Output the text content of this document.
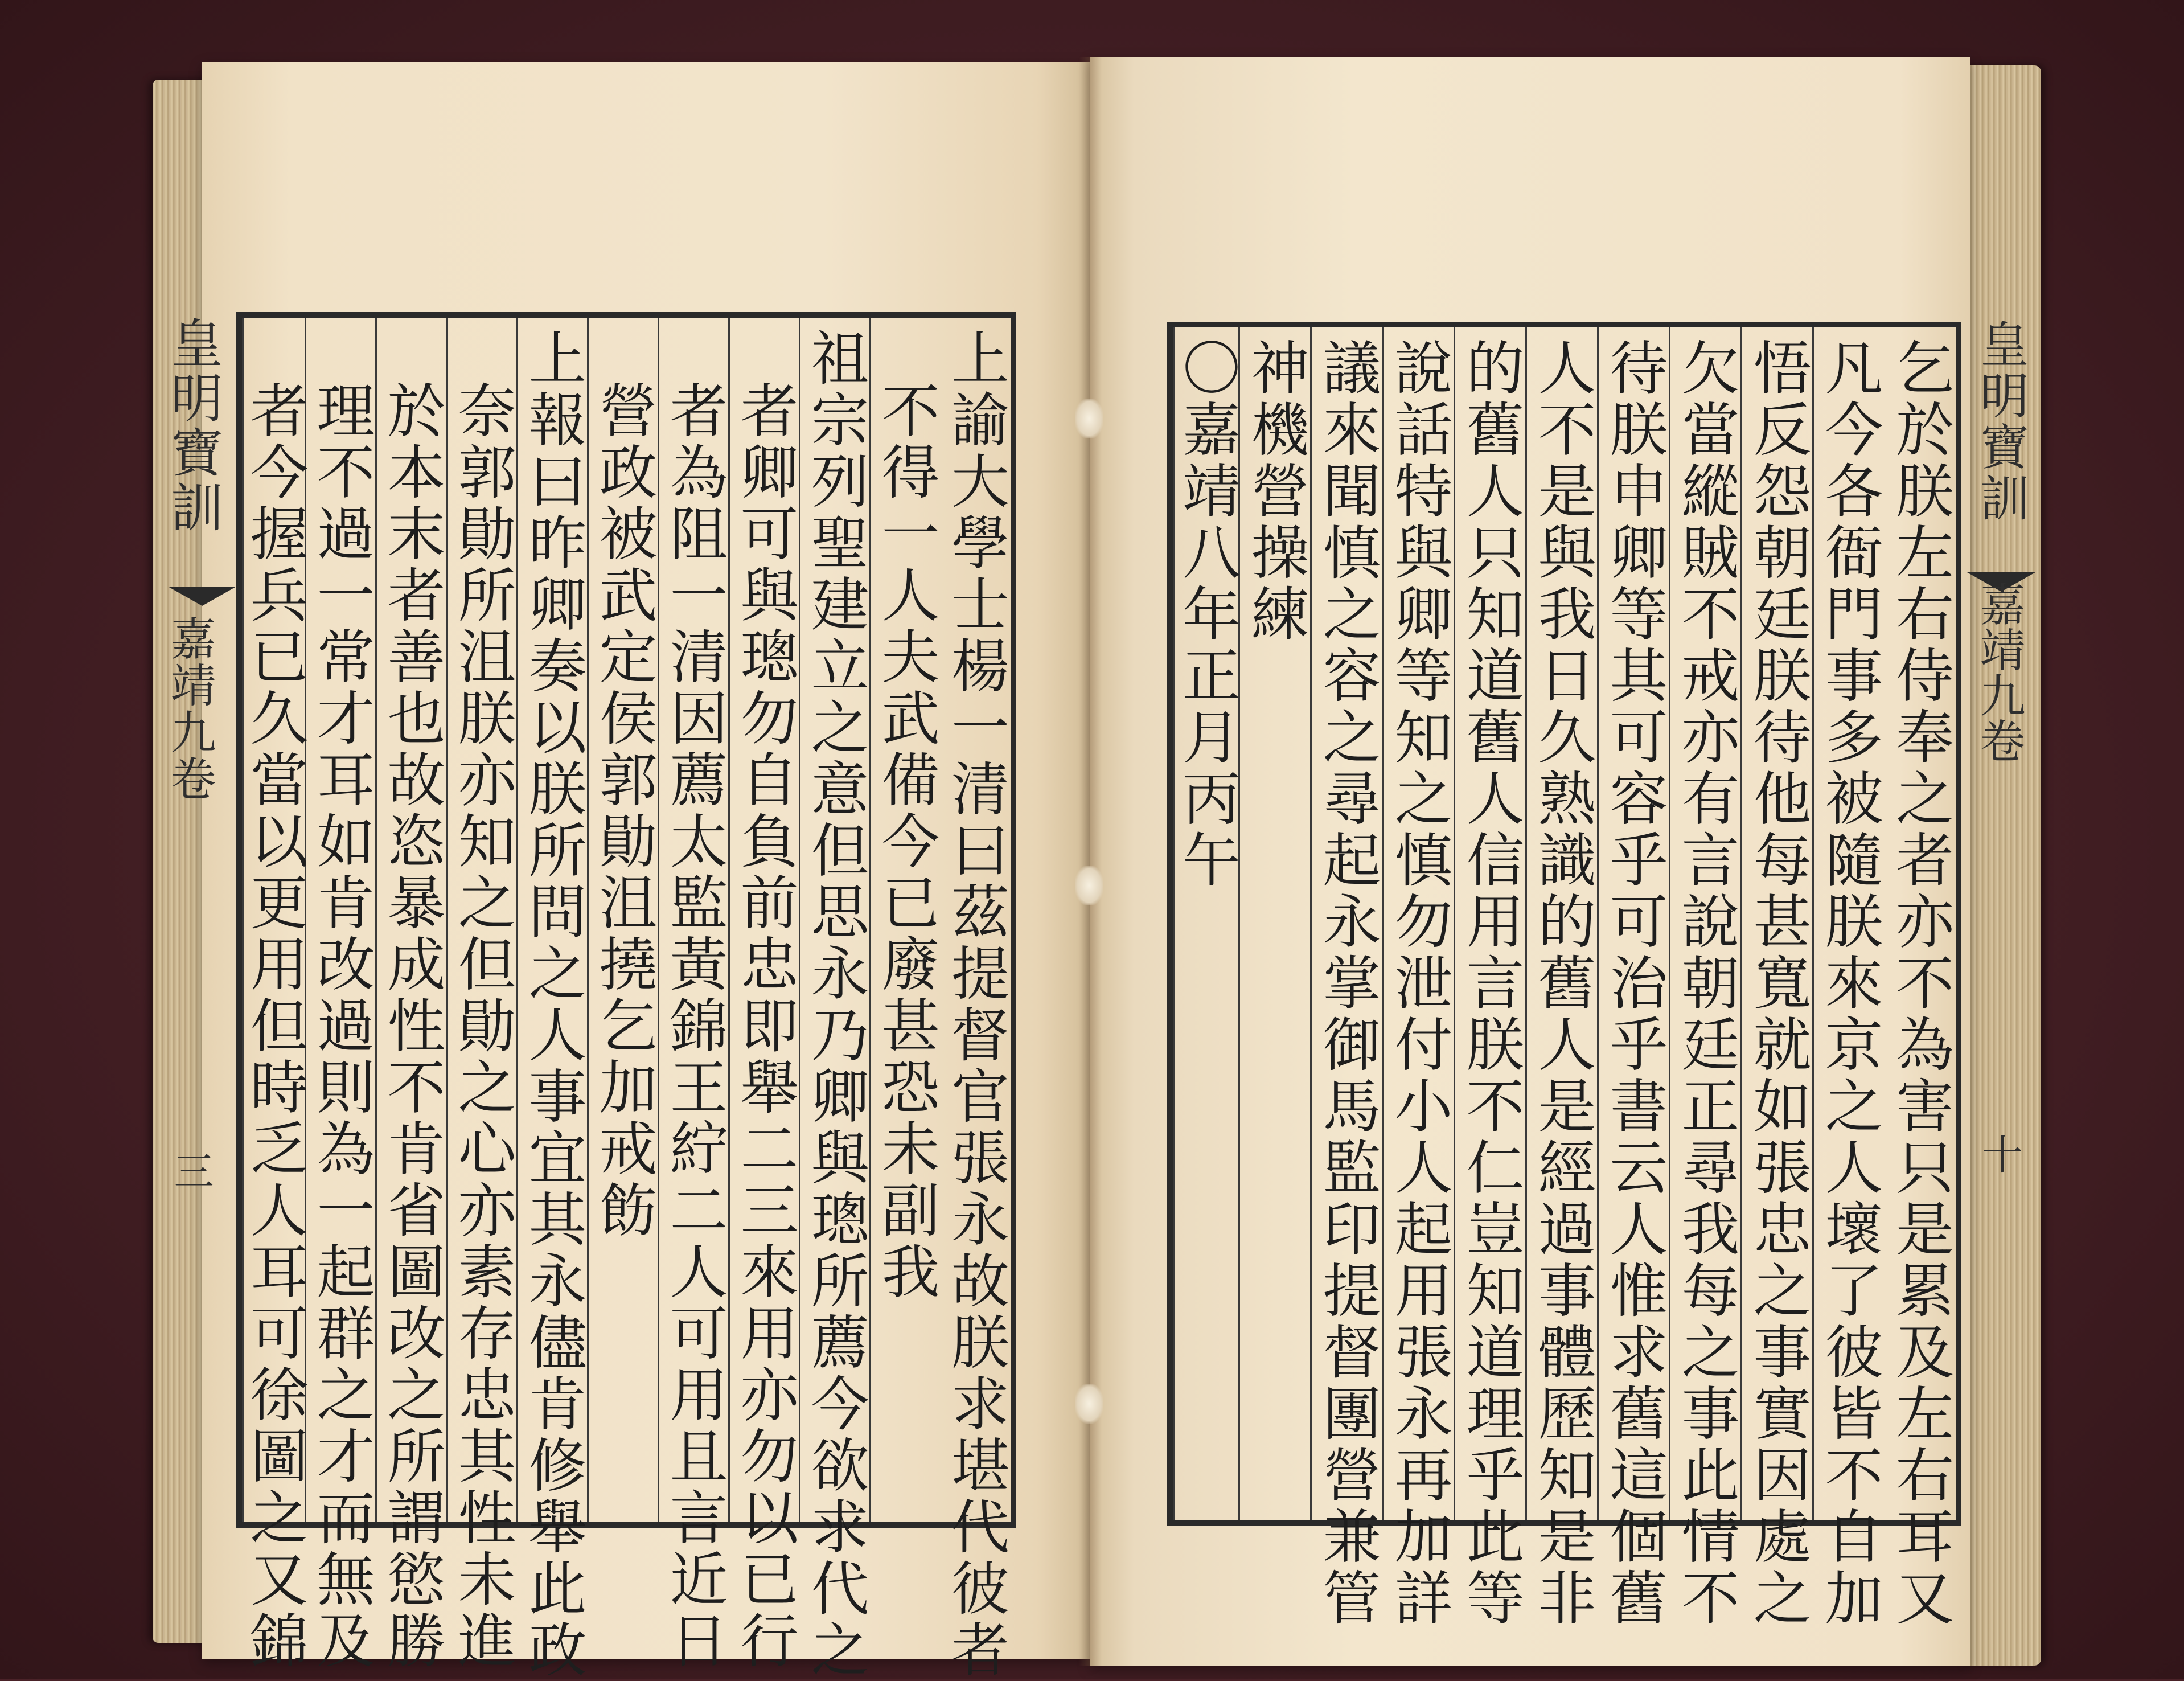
皇明寶訓
嘉靖九卷
三
皇明寶訓
嘉靖九卷
十
上諭大學士楊一清曰茲提督官張永故朕求堪代彼者
不得一人夫武備今已廢甚恐未副我
祖宗列聖建立之意但思永乃卿與璁所薦今欲求代之
者卿可與璁勿自負前忠即舉二三來用亦勿以已行
者為阻一清因薦太監黃錦王紵二人可用且言近日
營政被武定侯郭勛沮撓乞加戒飭
上報曰昨卿奏以朕所問之人事宜其永儘肯修舉此政
奈郭勛所沮朕亦知之但勛之心亦素存忠其性未進
於本末者善也故恣暴成性不肯省圖改之所謂慾勝
理不過一常才耳如肯改過則為一起群之才而無及
者今握兵已久當以更用但時乏人耳可徐圖之又錦	乞於朕左右侍奉之者亦不為害只是累及左右耳又
凡今各衙門事多被隨朕來京之人壞了彼皆不自加
悟反怨朝廷朕待他每甚寬就如張忠之事實因處之
欠當縱賊不戒亦有言說朝廷正尋我每之事此情不
待朕申卿等其可容乎可治乎書云人惟求舊這個舊
人不是與我日久熟識的舊人是經過事體歷知是非
的舊人只知道舊人信用言朕不仁豈知道理乎此等
說話特與卿等知之慎勿泄付小人起用張永再加詳
議來聞慎之容之尋起永掌御馬監印提督團營兼管
神機營操練
〇嘉靖八年正月丙午
